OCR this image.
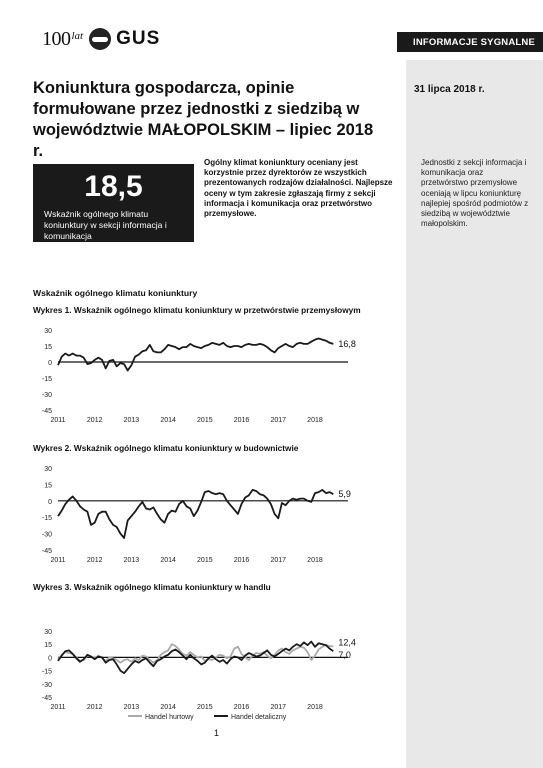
100 lat GUS	INFORMACJE SYGNALNE
Koniunktura gospodarcza, opinie formułowane przez jednostki z siedzibą w województwie MAŁOPOLSKIM – lipiec 2018 r.
31 lipca 2018 r.
18,5
Wskaźnik ogólnego klimatu koniunktury w sekcji informacja i komunikacja
Ogólny klimat koniunktury oceniany jest korzystnie przez dyrektorów ze wszystkich prezentowanych rodzajów działalności. Najlepsze oceny w tym zakresie zgłaszają firmy z sekcji informacja i komunikacja oraz przetwórstwo przemysłowe.
Jednostki z sekcji informacja i komunikacja oraz przetwórstwo przemysłowe oceniają w lipcu koniunkturę najlepiej spośród podmiotów z siedzibą w województwie małopolskim.
Wskaźnik ogólnego klimatu koniunktury
Wykres 1. Wskaźnik ogólnego klimatu koniunktury w przetwórstwie przemysłowym
30
15
0
-15
-30
-45
2011	2012	2013	2014	2015	2016	2017	2018
16,8
Wykres 2. Wskaźnik ogólnego klimatu koniunktury w budownictwie
30
15
0
-15
-30
-45
2011	2012	2013	2014	2015	2016	2017	2018
5,9
Wykres 3. Wskaźnik ogólnego klimatu koniunktury w handlu
30
15
0
-15
-30
-45
2011	2012	2013	2014	2015	2016	2017	2018
12,4
7,0
Handel hurtowy	Handel detaliczny
1
